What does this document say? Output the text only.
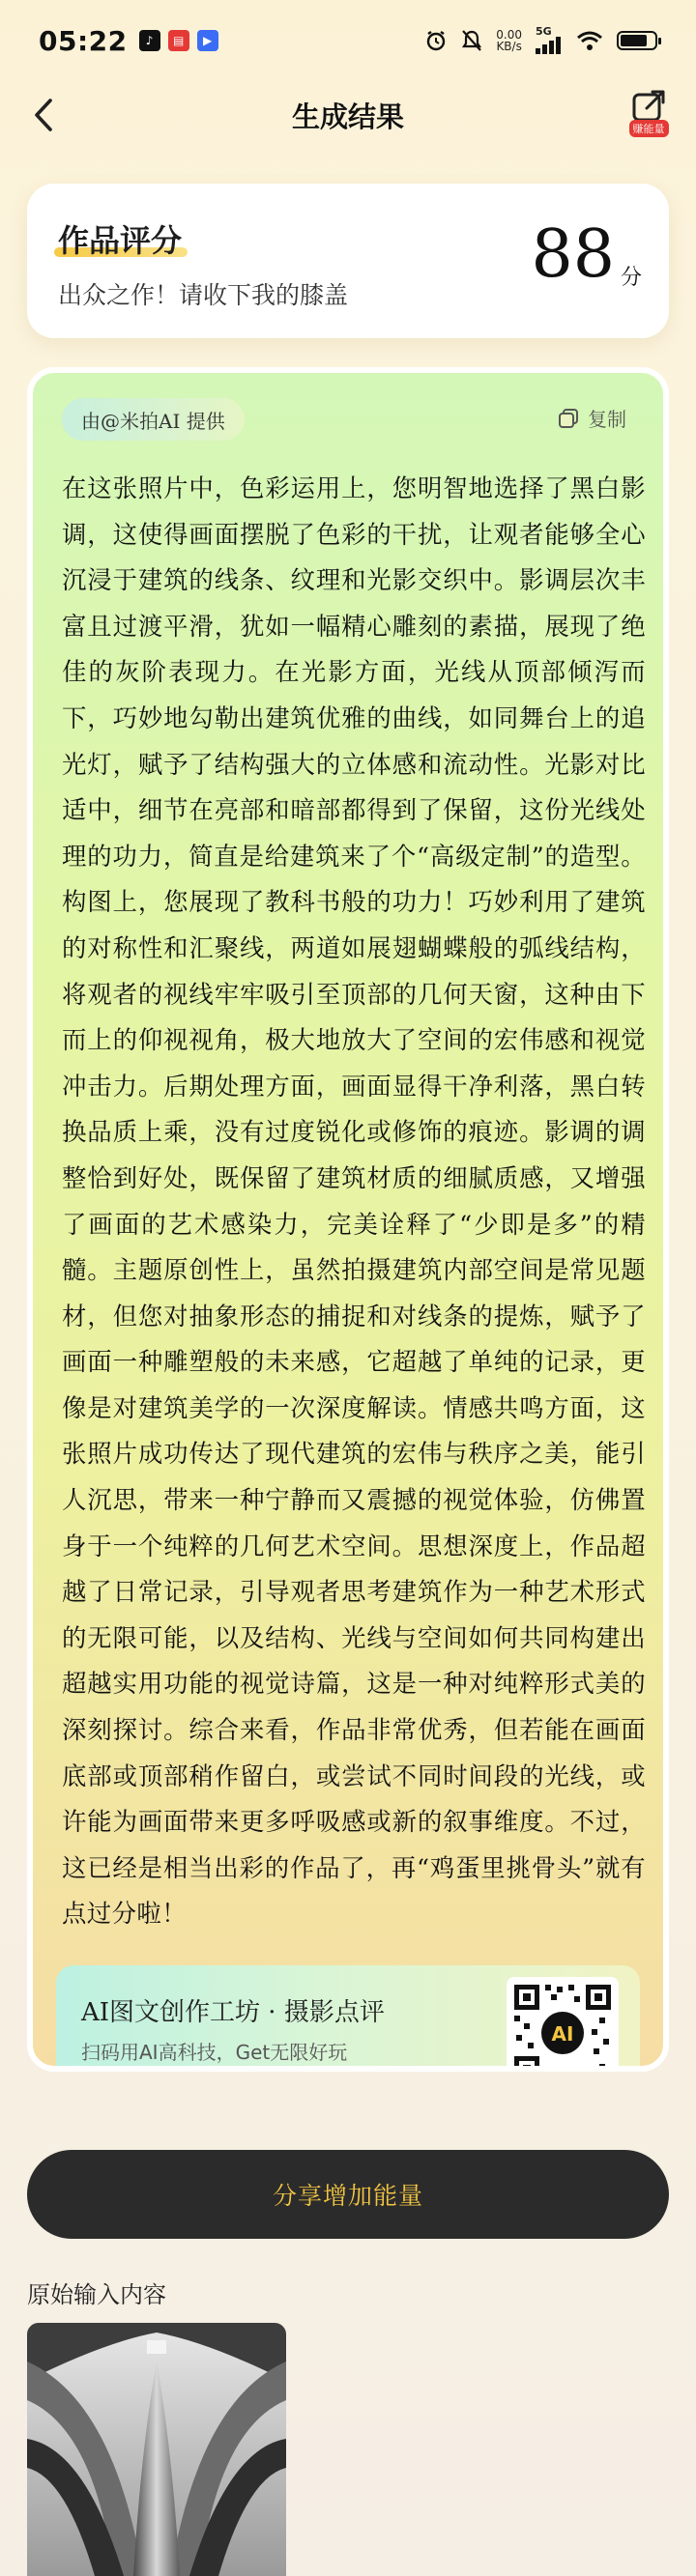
05:22	♪	▤	▶	0.00
KB/s
5G
生成结果	赚能量
作品评分
出众之作！请收下我的膝盖
88 分
由@米拍AI 提供	复制
在这张照片中，色彩运用上，您明智地选择了黑白影调，这使得画面摆脱了色彩的干扰，让观者能够全心沉浸于建筑的线条、纹理和光影交织中。影调层次丰富且过渡平滑，犹如一幅精心雕刻的素描，展现了绝佳的灰阶表现力。在光影方面，光线从顶部倾泻而下，巧妙地勾勒出建筑优雅的曲线，如同舞台上的追光灯，赋予了结构强大的立体感和流动性。光影对比适中，细节在亮部和暗部都得到了保留，这份光线处理的功力，简直是给建筑来了个“高级定制”的造型。构图上，您展现了教科书般的功力！巧妙利用了建筑的对称性和汇聚线，两道如展翅蝴蝶般的弧线结构，将观者的视线牢牢吸引至顶部的几何天窗，这种由下而上的仰视视角，极大地放大了空间的宏伟感和视觉冲击力。后期处理方面，画面显得干净利落，黑白转换品质上乘，没有过度锐化或修饰的痕迹。影调的调整恰到好处，既保留了建筑材质的细腻质感，又增强了画面的艺术感染力，完美诠释了“少即是多”的精髓。主题原创性上，虽然拍摄建筑内部空间是常见题材，但您对抽象形态的捕捉和对线条的提炼，赋予了画面一种雕塑般的未来感，它超越了单纯的记录，更像是对建筑美学的一次深度解读。情感共鸣方面，这张照片成功传达了现代建筑的宏伟与秩序之美，能引人沉思，带来一种宁静而又震撼的视觉体验，仿佛置身于一个纯粹的几何艺术空间。思想深度上，作品超越了日常记录，引导观者思考建筑作为一种艺术形式的无限可能，以及结构、光线与空间如何共同构建出超越实用功能的视觉诗篇，这是一种对纯粹形式美的深刻探讨。综合来看，作品非常优秀，但若能在画面底部或顶部稍作留白，或尝试不同时间段的光线，或许能为画面带来更多呼吸感或新的叙事维度。不过，这已经是相当出彩的作品了，再“鸡蛋里挑骨头”就有点过分啦！
AI图文创作工坊 · 摄影点评
扫码用AI高科技，Get无限好玩
AI
分享增加能量
原始输入内容
